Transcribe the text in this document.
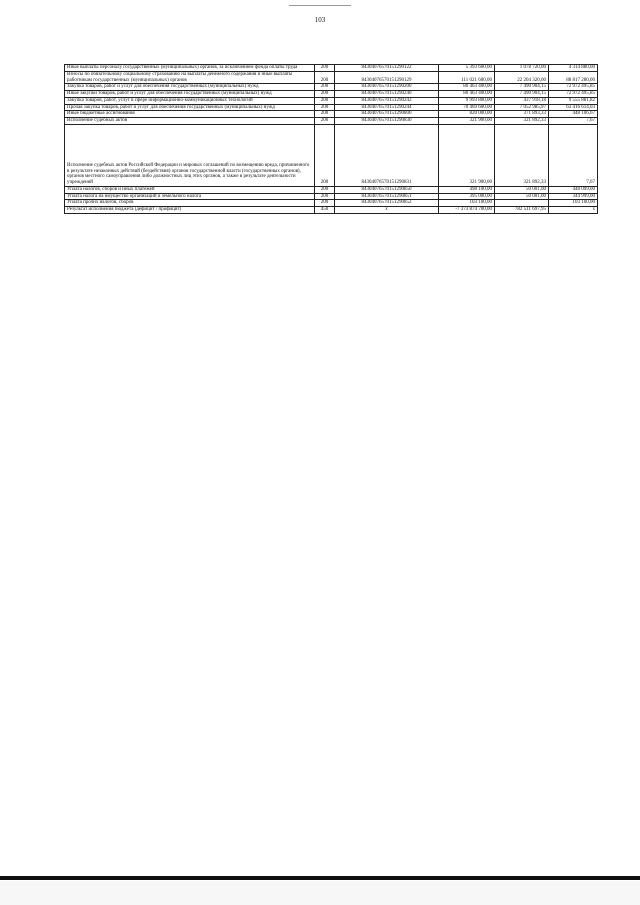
103
Иные выплаты персоналу государственных (муниципальных) органов, за исключением фонда оплаты труда	200	84304076570151290122	5 393 600,00	1 078 720,00	4 314 880,00
Взносы по обязательному социальному страхованию на выплаты денежного содержания и иные выплаты работникам государственных (муниципальных) органов	200	84304076570151290129	111 021 600,00	22 204 320,00	88 817 280,00
Закупка товаров, работ и услуг для обеспечения государственных (муниципальных) нужд	200	84304076570151290200	80 463 400,00	7 490 904,15	72 972 495,85
Иные закупки товаров, работ и услуг для обеспечения государственных (муниципальных) нужд	200	84304076570151290240	80 463 400,00	7 490 904,15	72 972 495,85
Закупка товаров, работ, услуг в сфере информационно-коммуникационных технологий	200	84304076570151290242	9 993 800,00	437 918,18	9 555 881,82
Прочая закупка товаров, работ и услуг для обеспечения государственных (муниципальных) нужд	200	84304076570151290244	70 469 600,00	7 052 985,97	63 416 614,03
Иные бюджетные ассигнования	200	84304076570151290800	820 000,00	371 893,33	448 106,67
Исполнение судебных актов	200	84304076570151290830	321 900,00	321 892,33	7,67
Исполнение судебных актов Российской Федерации и мировых соглашений по возмещению вреда, причиненного в результате незаконных действий (бездействия) органов государственной власти (государственных органов), органов местного самоуправления либо должностных лиц этих органов, а также в результате деятельности учреждений	200	84304076570151290831	321 900,00	321 892,33	7,67
Уплата налогов, сборов и иных платежей	200	84304076570151290850	498 100,00	50 001,00	448 099,00
Уплата налога на имущество организаций и земельного налога	200	84304076570151290851	395 000,00	50 001,00	344 999,00
Уплата прочих налогов, сборов	200	84304076570151290852	103 100,00		103 100,00
Результат исполнения бюджета (дефицит / профицит)	450	x	-7 373 874 700,00	782 511 697,95	x
